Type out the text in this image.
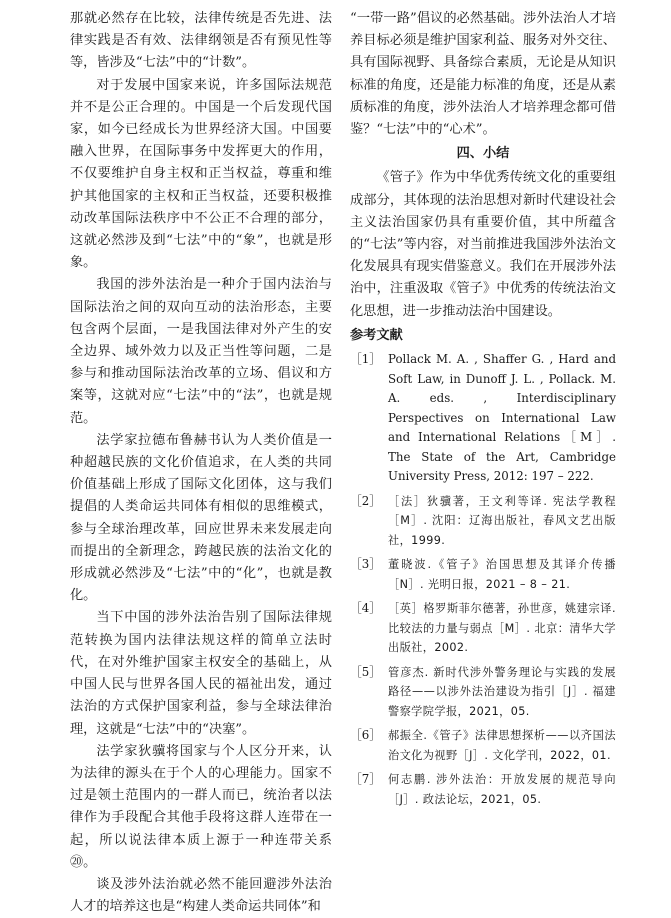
那就必然存在比较，法律传统是否先进、法律实践是否有效、法律纲领是否有预见性等等，皆涉及“七法”中的“计数”。

对于发展中国家来说，许多国际法规范并不是公正合理的。中国是一个后发现代国家，如今已经成长为世界经济大国。中国要融入世界，在国际事务中发挥更大的作用，不仅要维护自身主权和正当权益，尊重和维护其他国家的主权和正当权益，还要积极推动改革国际法秩序中不公正不合理的部分，这就必然涉及到“七法”中的“象”，也就是形象。

我国的涉外法治是一种介于国内法治与国际法治之间的双向互动的法治形态，主要包含两个层面，一是我国法律对外产生的安全边界、域外效力以及正当性等问题，二是参与和推动国际法治改革的立场、倡议和方案等，这就对应“七法”中的“法”，也就是规范。

法学家拉德布鲁赫书认为人类价值是一种超越民族的文化价值追求，在人类的共同价值基础上形成了国际文化团体，这与我们提倡的人类命运共同体有相似的思维模式，参与全球治理改革，回应世界未来发展走向而提出的全新理念，跨越民族的法治文化的形成就必然涉及“七法”中的“化”，也就是教化。

当下中国的涉外法治告别了国际法律规范转换为国内法律法规这样的简单立法时代，在对外维护国家主权安全的基础上，从中国人民与世界各国人民的福祉出发，通过法治的方式保护国家利益，参与全球法律治理，这就是“七法”中的“决塞”。

法学家狄骥将国家与个人区分开来，认为法律的源头在于个人的心理能力。国家不过是领土范围内的一群人而已，统治者以法律作为手段配合其他手段将这群人连带在一起，所以说法律本质上源于一种连带关系⑳。

谈及涉外法治就必然不能回避涉外法治人才的培养这也是“构建人类命运共同体”和

“一带一路”倡议的必然基础。涉外法治人才培养目标必须是维护国家利益、服务对外交往、具有国际视野、具备综合素质，无论是从知识标准的角度，还是能力标准的角度，还是从素质标准的角度，涉外法治人才培养理念都可借鉴？“七法”中的“心术”。

四、小结

《管子》作为中华优秀传统文化的重要组成部分，其体现的法治思想对新时代建设社会主义法治国家仍具有重要价值，其中所蕴含的“七法”等内容，对当前推进我国涉外法治文化发展具有现实借鉴意义。我们在开展涉外法治中，注重汲取《管子》中优秀的传统法治文化思想，进一步推动法治中国建设。

参考文献
［1］ Pollack M. A. , Shaffer G. , Hard and Soft Law, in Dunoff J. L. , Pollack. M. A. eds. , Interdisciplinary Perspectives on International Law and International Relations［M］. The State of the Art, Cambridge University Press, 2012: 197 – 222.
［2］ ［法］狄骥著，王文利等译. 宪法学教程［M］. 沈阳：辽海出版社，春风文艺出版社，1999.
［3］ 董晓波.《管子》治国思想及其译介传播［N］. 光明日报，2021 – 8 – 21.
［4］ ［英］格罗斯菲尔德著，孙世彦，姚建宗译. 比较法的力量与弱点［M］. 北京：清华大学出版社，2002.
［5］ 管彦杰. 新时代涉外警务理论与实践的发展路径——以涉外法治建设为指引［J］. 福建警察学院学报，2021，05.
［6］ 郝振全.《管子》法律思想探析——以齐国法治文化为视野［J］. 文化学刊，2022，01.
［7］ 何志鹏. 涉外法治：开放发展的规范导向［J］. 政法论坛，2021，05.
